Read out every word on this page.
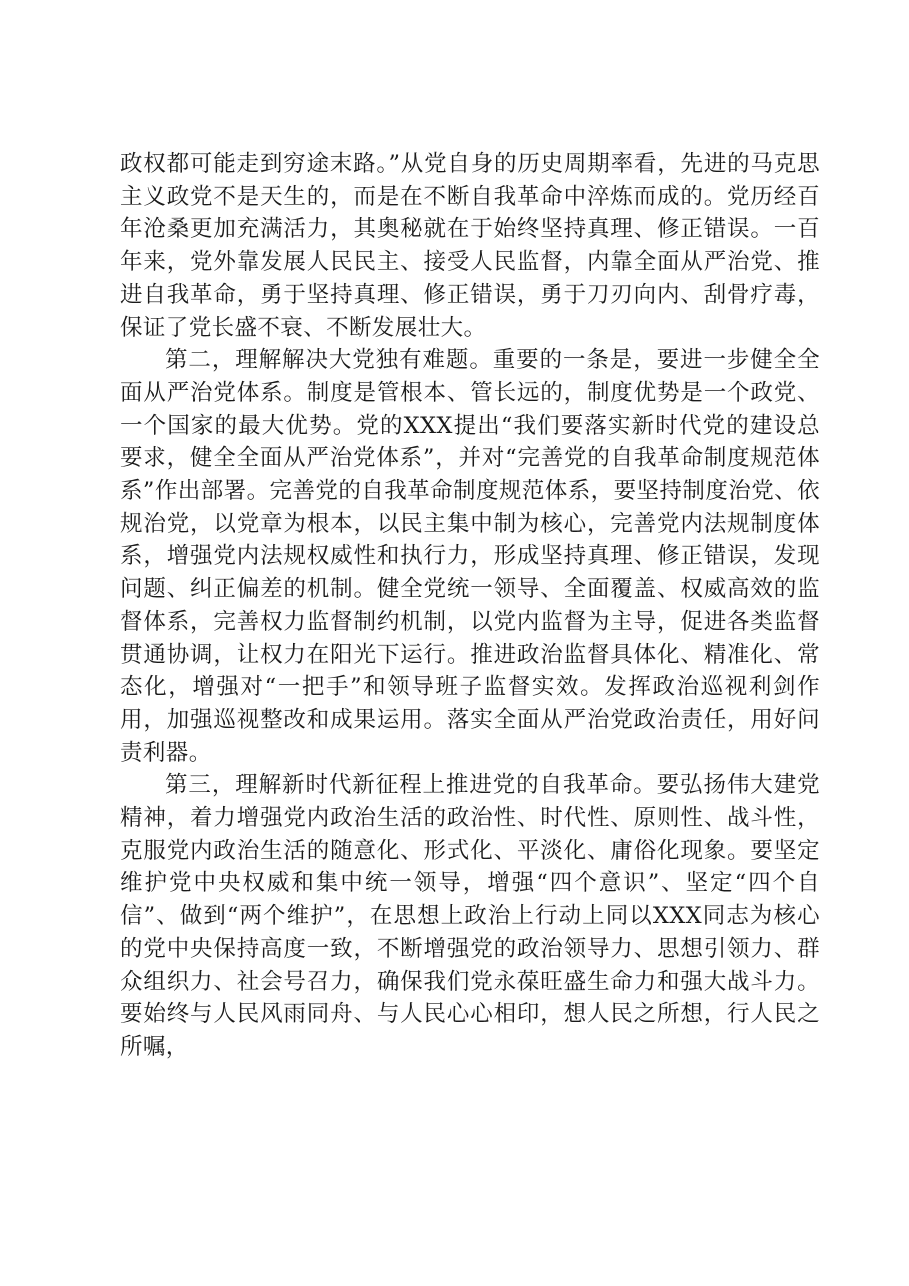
政权都可能走到穷途末路。”从党自身的历史周期率看，先进的马克思主义政党不是天生的，而是在不断自我革命中淬炼而成的。党历经百年沧桑更加充满活力，其奥秘就在于始终坚持真理、修正错误。一百年来，党外靠发展人民民主、接受人民监督，内靠全面从严治党、推进自我革命，勇于坚持真理、修正错误，勇于刀刃向内、刮骨疗毒，保证了党长盛不衰、不断发展壮大。

第二，理解解决大党独有难题。重要的一条是，要进一步健全全面从严治党体系。制度是管根本、管长远的，制度优势是一个政党、一个国家的最大优势。党的XXX提出“我们要落实新时代党的建设总要求，健全全面从严治党体系”，并对“完善党的自我革命制度规范体系”作出部署。完善党的自我革命制度规范体系，要坚持制度治党、依规治党，以党章为根本，以民主集中制为核心，完善党内法规制度体系，增强党内法规权威性和执行力，形成坚持真理、修正错误，发现问题、纠正偏差的机制。健全党统一领导、全面覆盖、权威高效的监督体系，完善权力监督制约机制，以党内监督为主导，促进各类监督贯通协调，让权力在阳光下运行。推进政治监督具体化、精准化、常态化，增强对“一把手”和领导班子监督实效。发挥政治巡视利剑作用，加强巡视整改和成果运用。落实全面从严治党政治责任，用好问责利器。

第三，理解新时代新征程上推进党的自我革命。要弘扬伟大建党精神，着力增强党内政治生活的政治性、时代性、原则性、战斗性，克服党内政治生活的随意化、形式化、平淡化、庸俗化现象。要坚定维护党中央权威和集中统一领导，增强“四个意识”、坚定“四个自信”、做到“两个维护”，在思想上政治上行动上同以XXX同志为核心的党中央保持高度一致，不断增强党的政治领导力、思想引领力、群众组织力、社会号召力，确保我们党永葆旺盛生命力和强大战斗力。要始终与人民风雨同舟、与人民心心相印，想人民之所想，行人民之所嘱，
